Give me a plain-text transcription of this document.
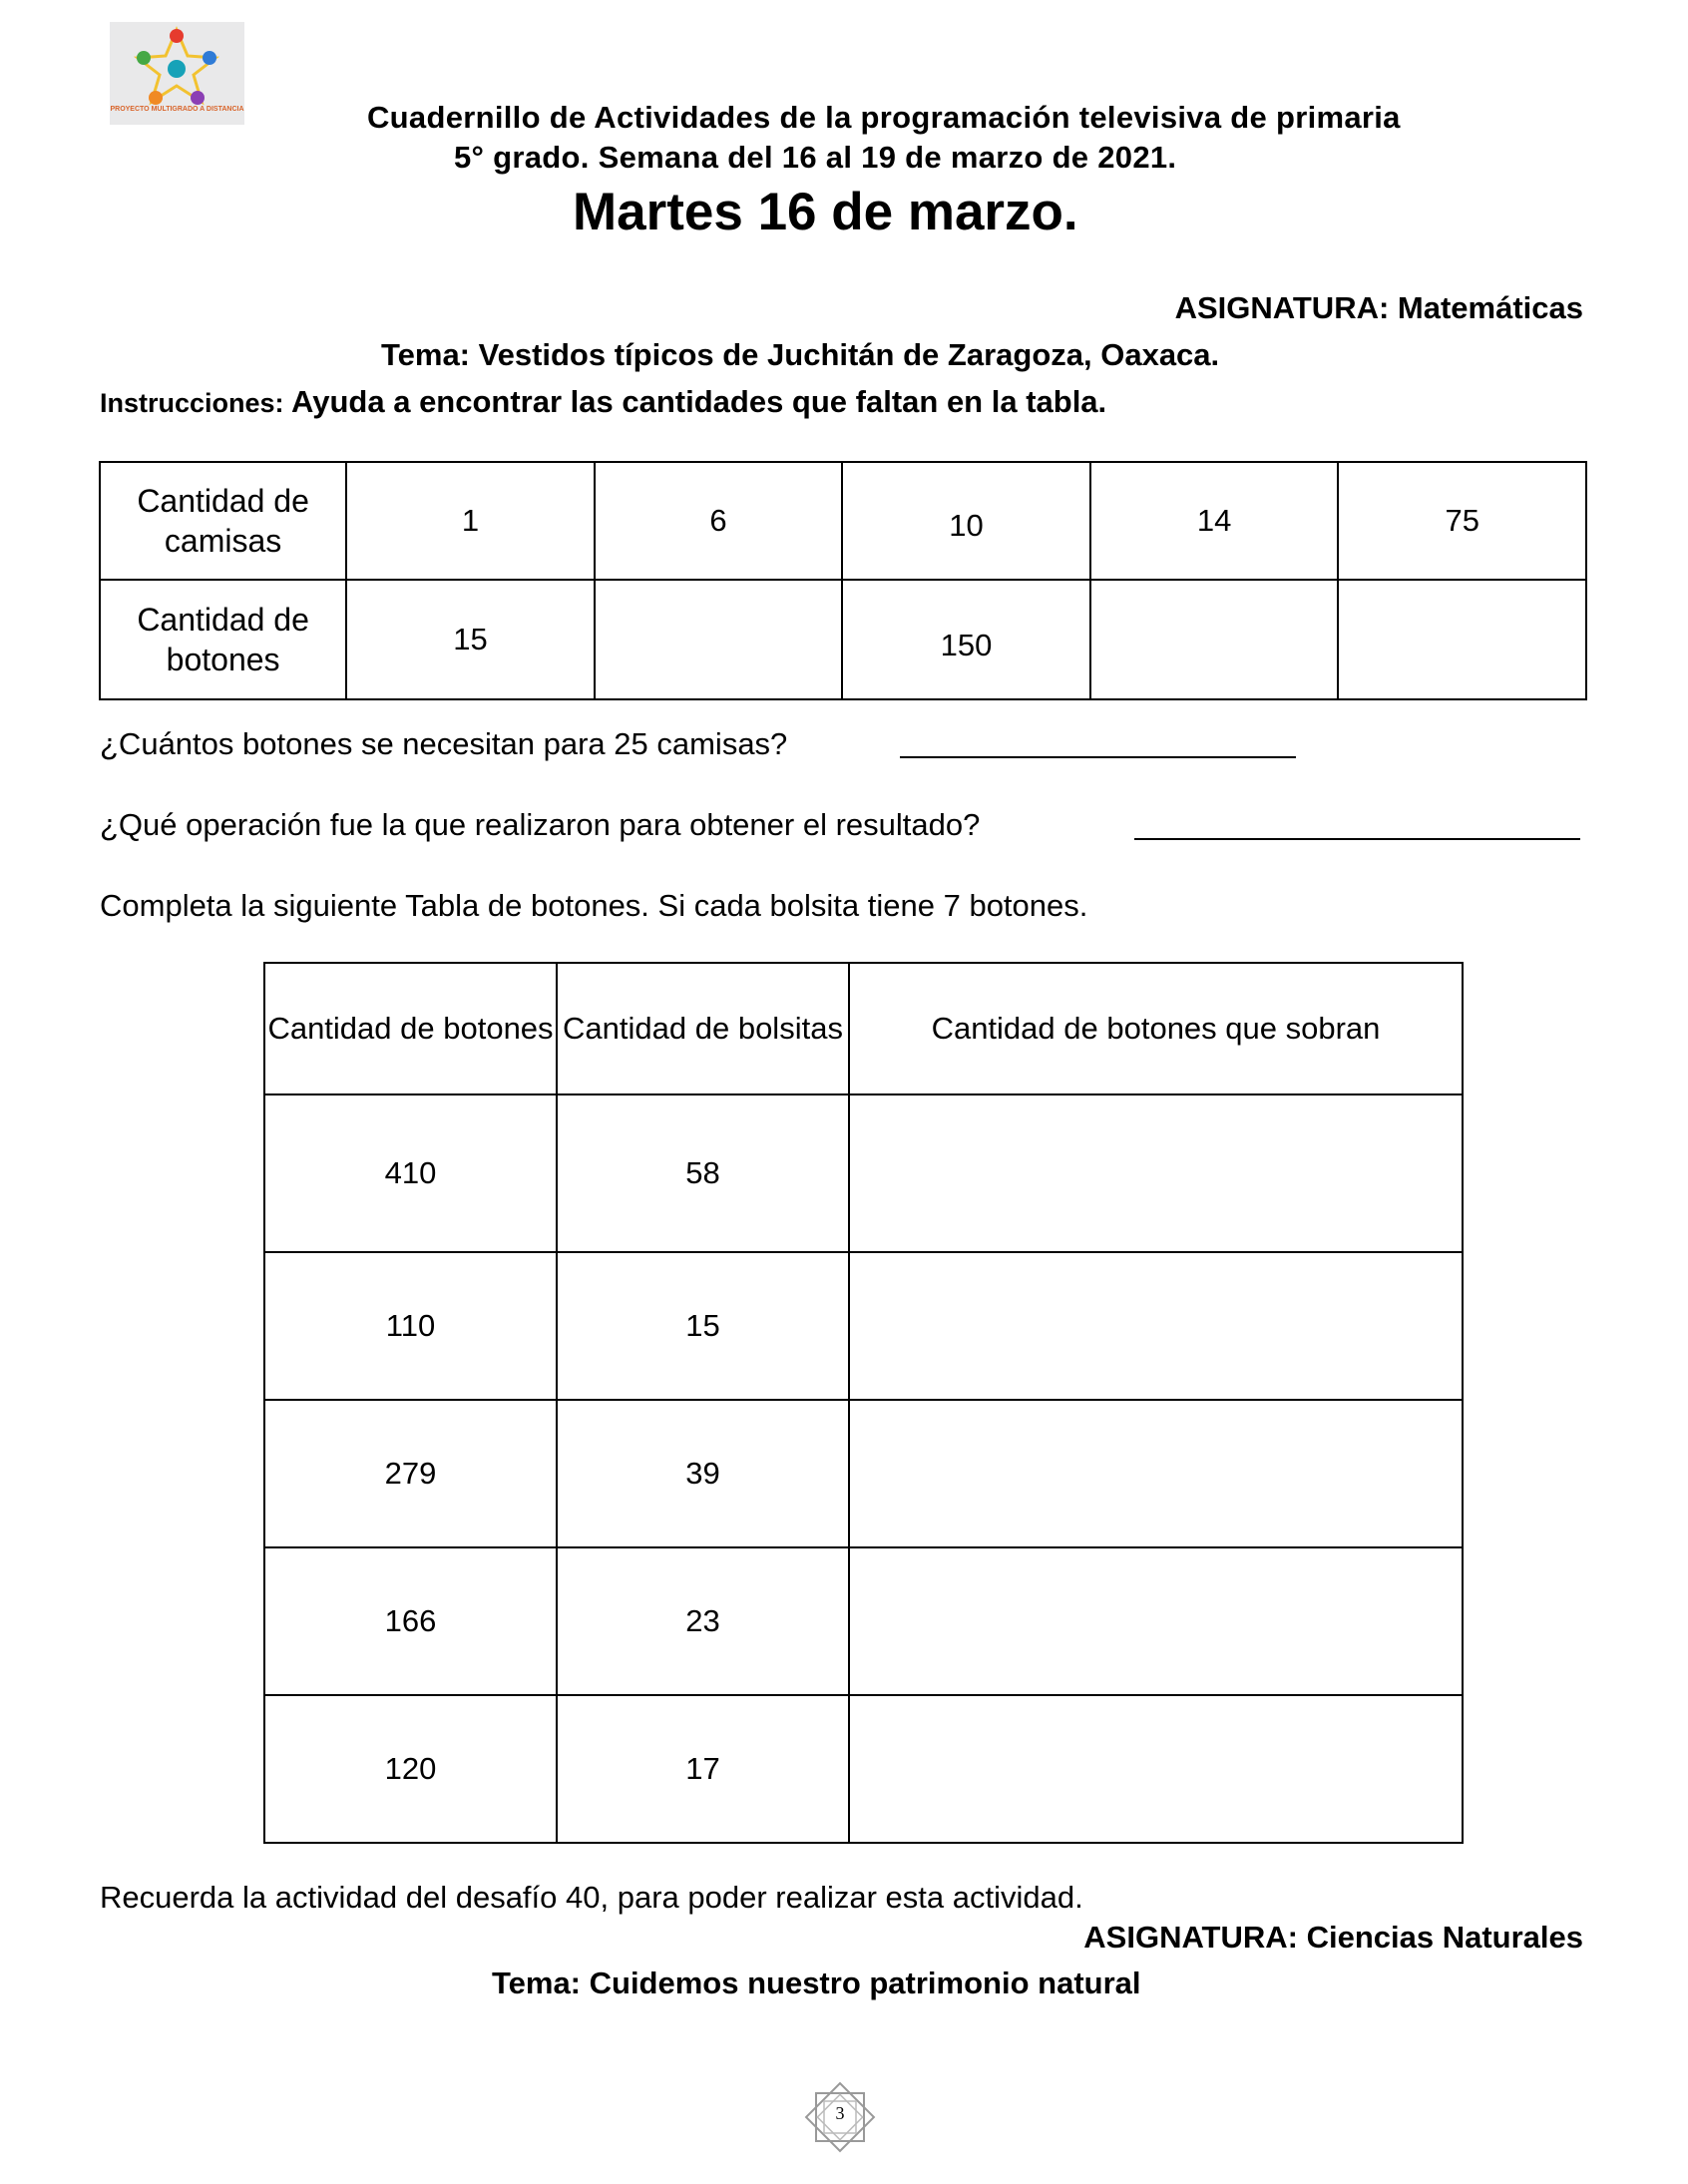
PROYECTO MULTIGRADO A DISTANCIA	Cuadernillo de Actividades de la programación televisiva de primaria
5° grado. Semana del 16 al 19 de marzo de 2021.
Martes 16 de marzo.
ASIGNATURA: Matemáticas
Tema: Vestidos típicos de Juchitán de Zaragoza, Oaxaca.
Instrucciones: Ayuda a encontrar las cantidades que faltan en la tabla.
Cantidad de camisas	1	6	10	14	75
Cantidad de botones	15		150		
¿Cuántos botones se necesitan para 25 camisas?
¿Qué operación fue la que realizaron para obtener el resultado?
Completa la siguiente Tabla de botones. Si cada bolsita tiene 7 botones.
Cantidad de botones	Cantidad de bolsitas	Cantidad de botones que sobran
410	58	
110	15	
279	39	
166	23	
120	17	
Recuerda la actividad del desafío 40, para poder realizar esta actividad.
ASIGNATURA: Ciencias Naturales
Tema: Cuidemos nuestro patrimonio natural
3
